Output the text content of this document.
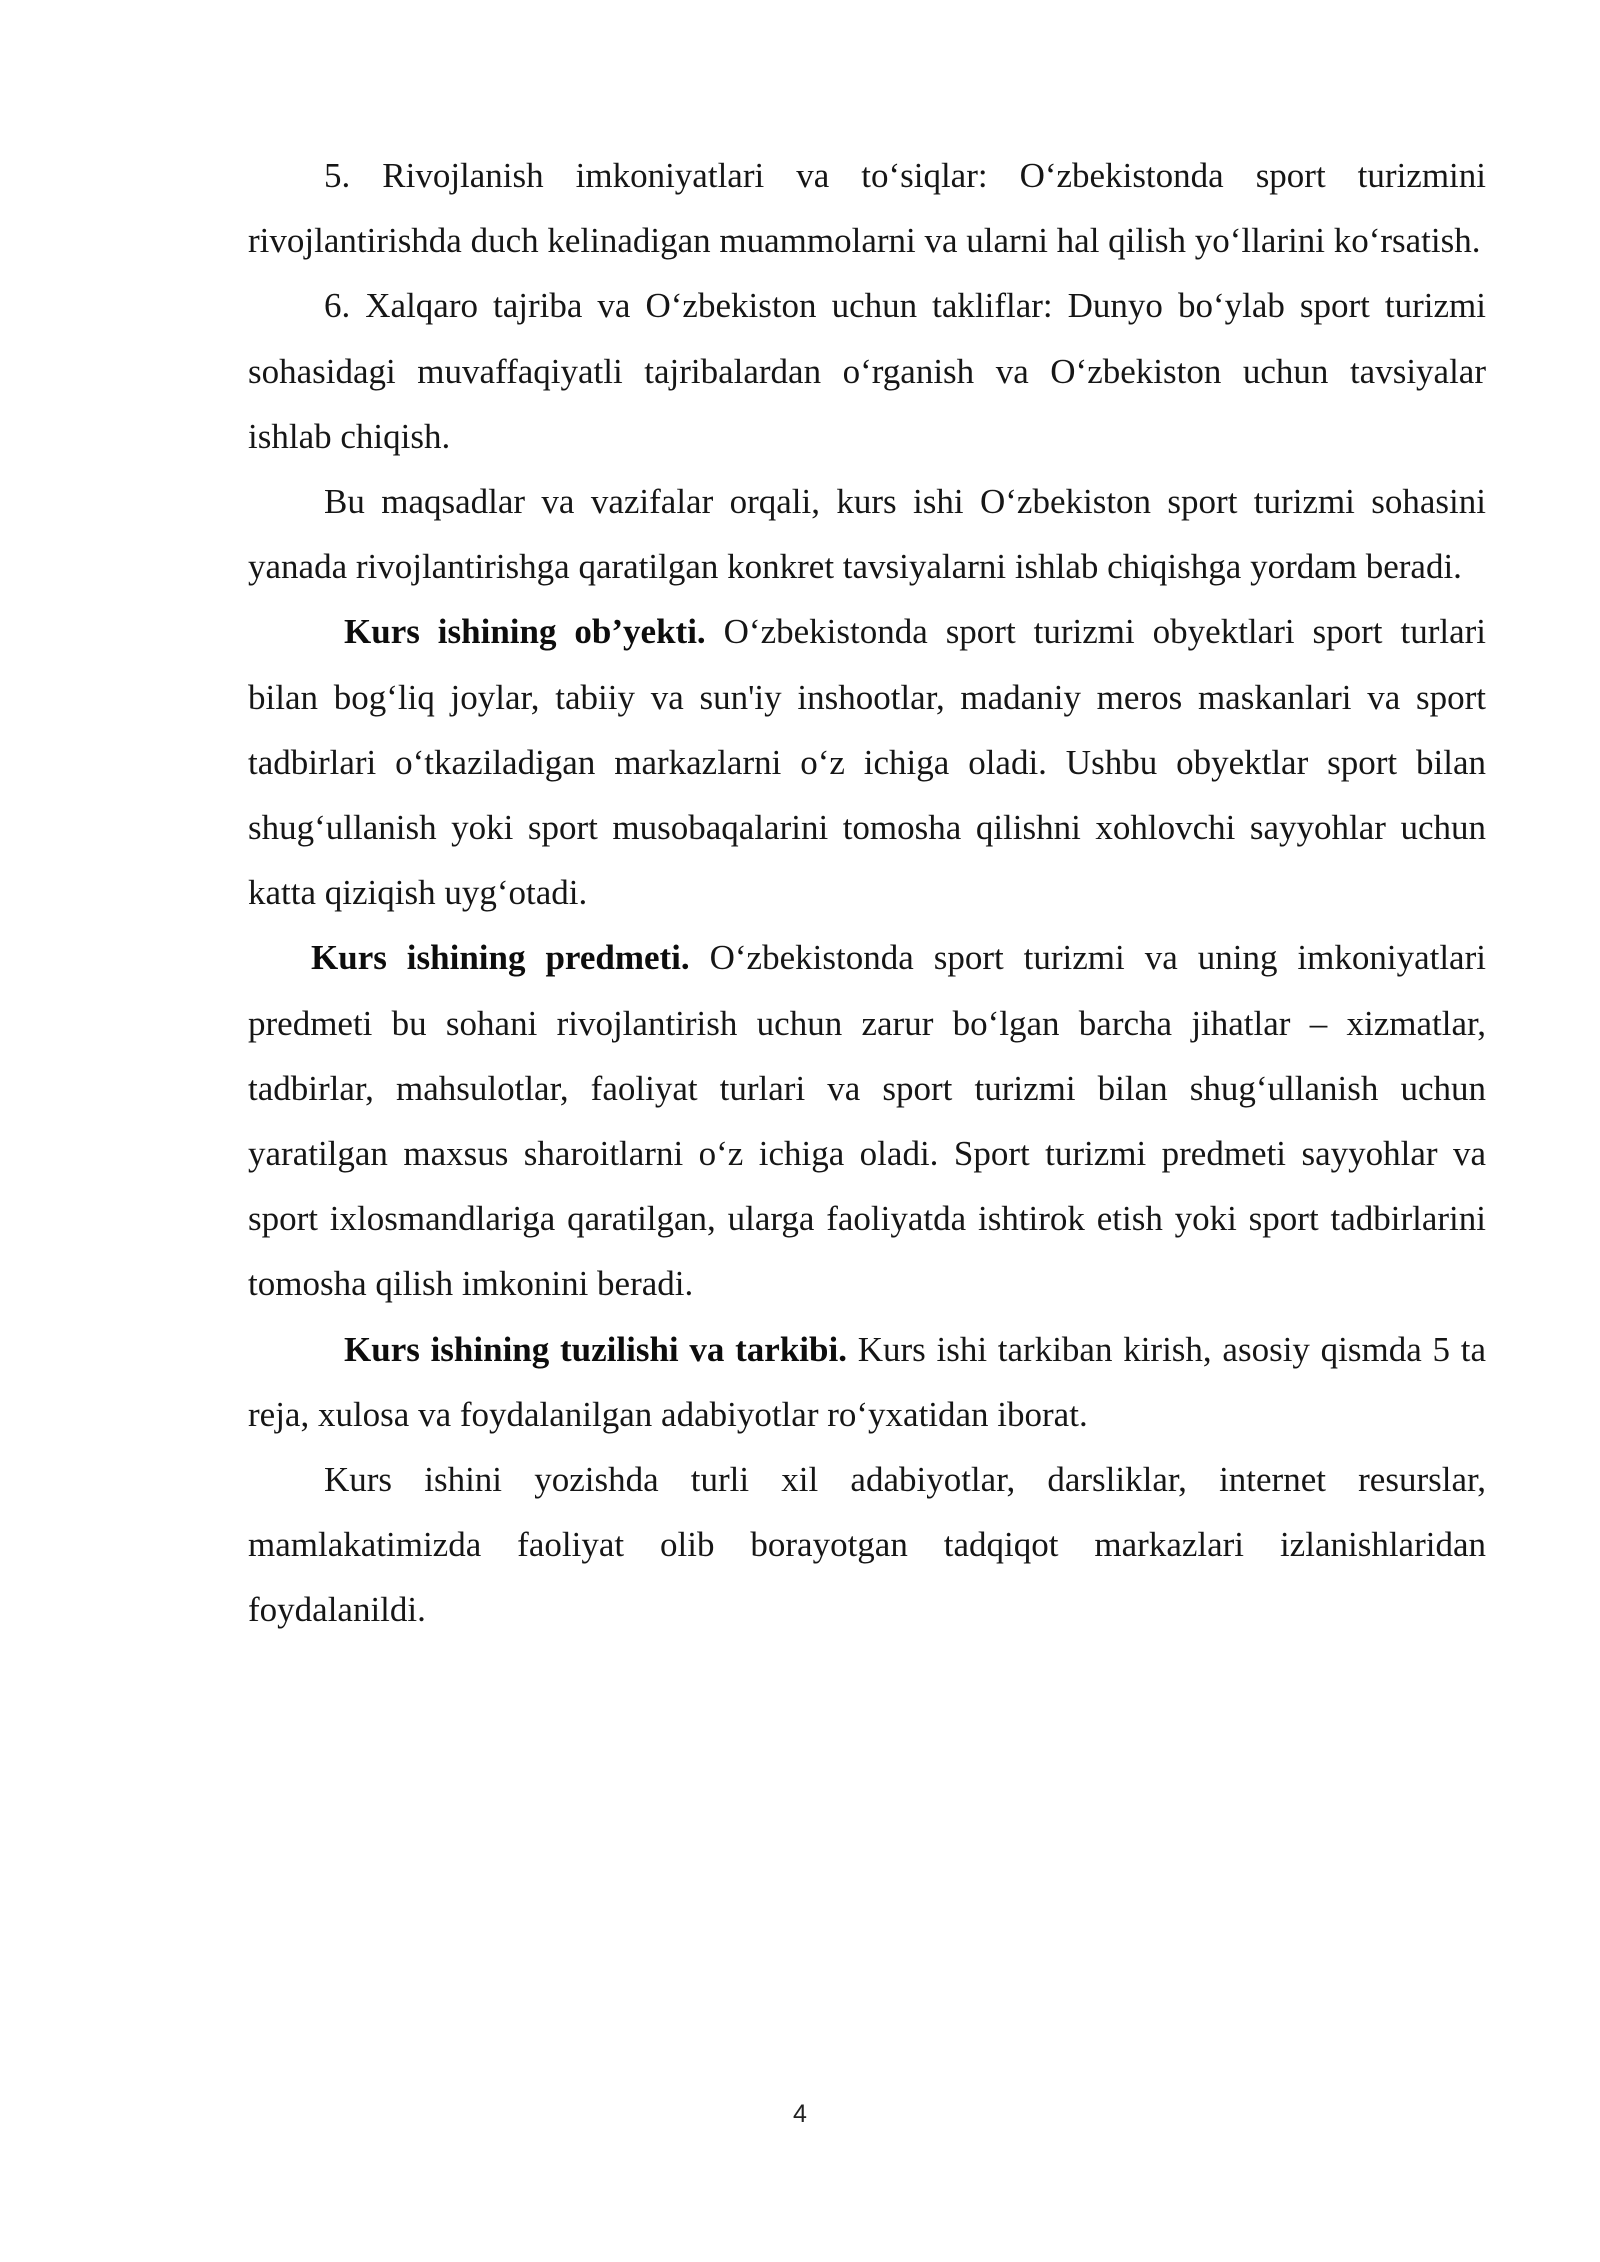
5. Rivojlanish imkoniyatlari va to‘siqlar: O‘zbekistonda sport turizmini rivojlantirishda duch kelinadigan muammolarni va ularni hal qilish yo‘llarini ko‘rsatish.

6. Xalqaro tajriba va O‘zbekiston uchun takliflar: Dunyo bo‘ylab sport turizmi sohasidagi muvaffaqiyatli tajribalardan o‘rganish va O‘zbekiston uchun tavsiyalar ishlab chiqish.

Bu maqsadlar va vazifalar orqali, kurs ishi O‘zbekiston sport turizmi sohasini yanada rivojlantirishga qaratilgan konkret tavsiyalarni ishlab chiqishga yordam beradi.

Kurs ishining ob’yekti. O‘zbekistonda sport turizmi obyektlari sport turlari bilan bog‘liq joylar, tabiiy va sun'iy inshootlar, madaniy meros maskanlari va sport tadbirlari o‘tkaziladigan markazlarni o‘z ichiga oladi. Ushbu obyektlar sport bilan shug‘ullanish yoki sport musobaqalarini tomosha qilishni xohlovchi sayyohlar uchun katta qiziqish uyg‘otadi.

Kurs ishining predmeti. O‘zbekistonda sport turizmi va uning imkoniyatlari predmeti bu sohani rivojlantirish uchun zarur bo‘lgan barcha jihatlar – xizmatlar, tadbirlar, mahsulotlar, faoliyat turlari va sport turizmi bilan shug‘ullanish uchun yaratilgan maxsus sharoitlarni o‘z ichiga oladi. Sport turizmi predmeti sayyohlar va sport ixlosmandlariga qaratilgan, ularga faoliyatda ishtirok etish yoki sport tadbirlarini tomosha qilish imkonini beradi.

Kurs ishining tuzilishi va tarkibi. Kurs ishi tarkiban kirish, asosiy qismda 5 ta reja, xulosa va foydalanilgan adabiyotlar ro‘yxatidan iborat.

Kurs ishini yozishda turli xil adabiyotlar, darsliklar, internet resurslar, mamlakatimizda faoliyat olib borayotgan tadqiqot markazlari izlanishlaridan foydalanildi.

4
